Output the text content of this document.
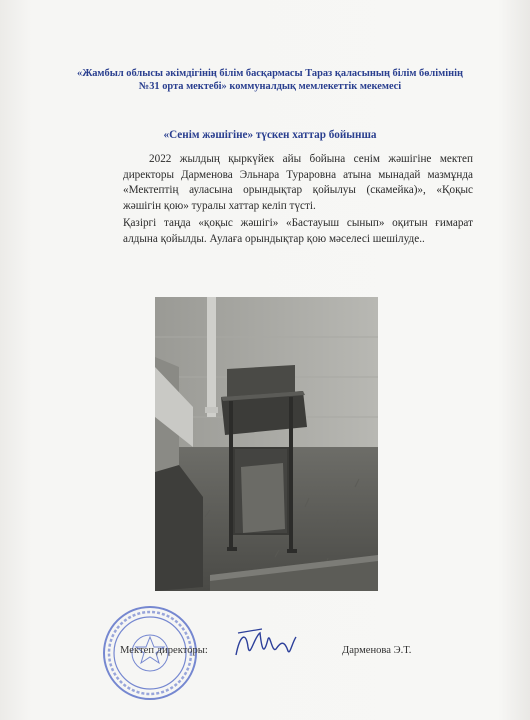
«Жамбыл облысы әкімдігінің білім басқармасы Тараз қаласының білім бөлімінің
№31 орта мектебі» коммуналдық мемлекеттік мекемесі
«Сенім жәшігіне» түскен хаттар бойынша
2022 жылдың қыркүйек айы бойына сенім жәшігіне мектеп директоры Дарменова Эльнара Тураровна атына мынадай мазмұнда «Мектептің ауласына орындықтар қойылуы (скамейка)», «Қоқыс жәшігін қою» туралы хаттар келіп түсті.
Қазіргі таңда «қоқыс жәшігі» «Бастауыш сынып» оқитын ғимарат алдына қойылды. Аулаға орындықтар қою мәселесі шешілуде..
Мектеп директоры:	Дарменова Э.Т.
